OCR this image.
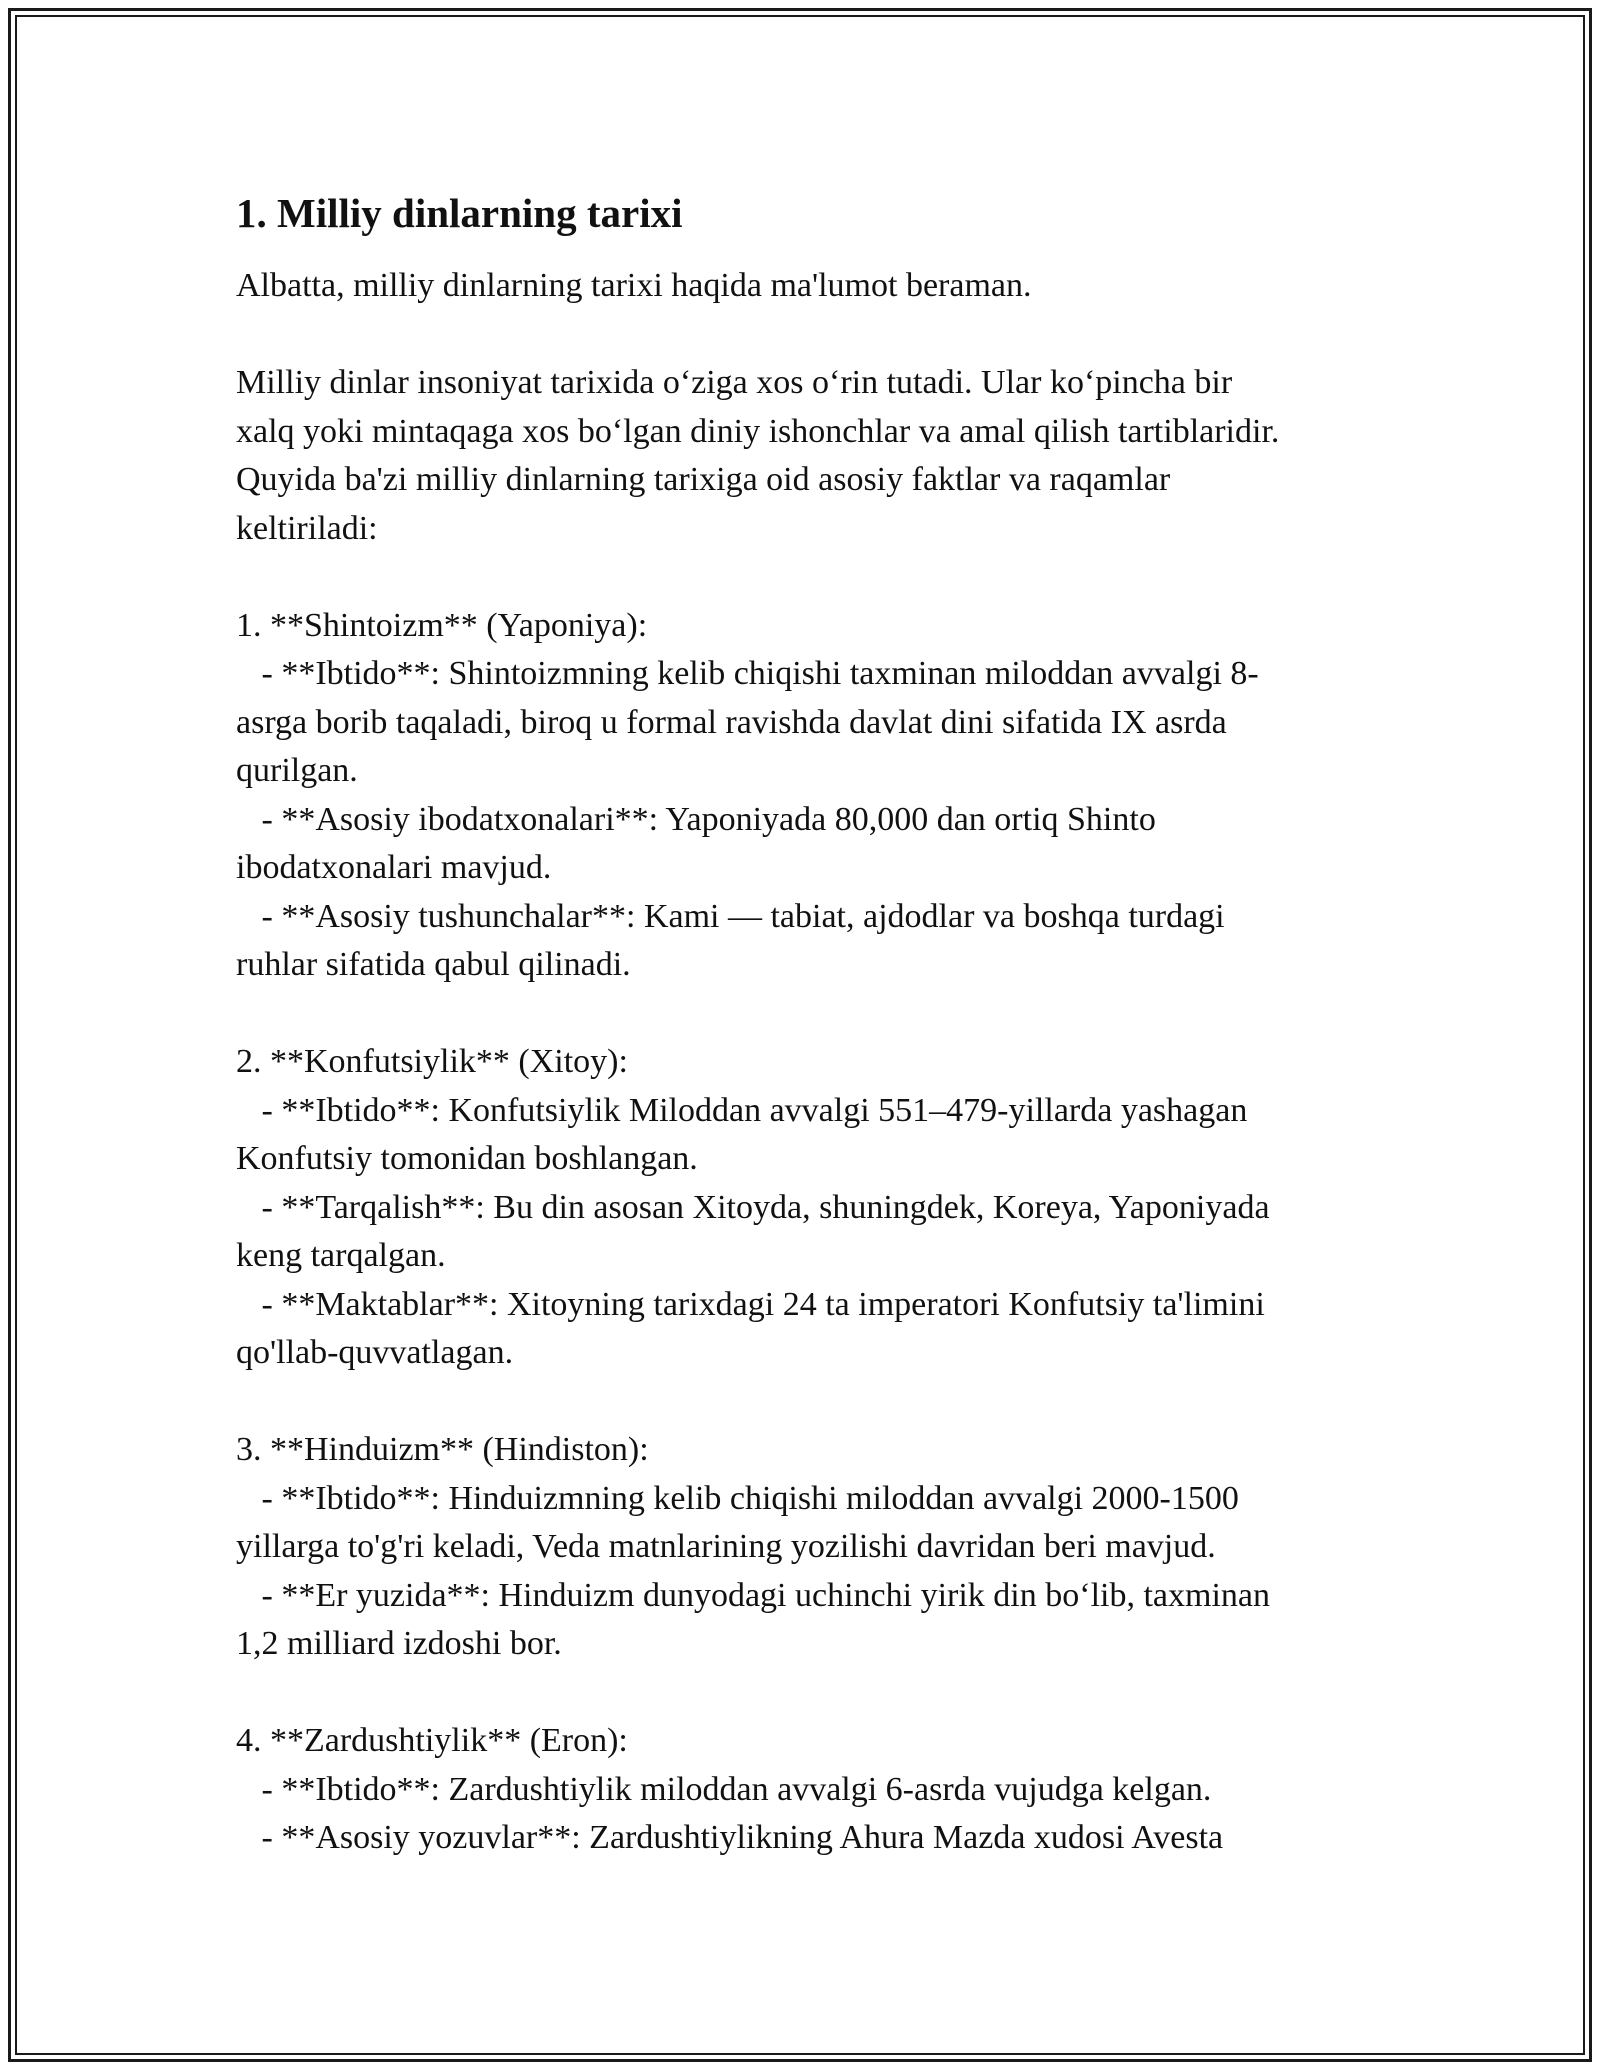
1. Milliy dinlarning tarixi

Albatta, milliy dinlarning tarixi haqida ma'lumot beraman.

Milliy dinlar insoniyat tarixida o‘ziga xos o‘rin tutadi. Ular ko‘pincha bir

xalq yoki mintaqaga xos bo‘lgan diniy ishonchlar va amal qilish tartiblaridir.

Quyida ba'zi milliy dinlarning tarixiga oid asosiy faktlar va raqamlar

keltiriladi:

1. **Shintoizm** (Yaponiya):

- **Ibtido**: Shintoizmning kelib chiqishi taxminan miloddan avvalgi 8-

asrga borib taqaladi, biroq u formal ravishda davlat dini sifatida IX asrda

qurilgan.

- **Asosiy ibodatxonalari**: Yaponiyada 80,000 dan ortiq Shinto

ibodatxonalari mavjud.

- **Asosiy tushunchalar**: Kami — tabiat, ajdodlar va boshqa turdagi

ruhlar sifatida qabul qilinadi.

2. **Konfutsiylik** (Xitoy):

- **Ibtido**: Konfutsiylik Miloddan avvalgi 551–479-yillarda yashagan

Konfutsiy tomonidan boshlangan.

- **Tarqalish**: Bu din asosan Xitoyda, shuningdek, Koreya, Yaponiyada

keng tarqalgan.

- **Maktablar**: Xitoyning tarixdagi 24 ta imperatori Konfutsiy ta'limini

qo'llab-quvvatlagan.

3. **Hinduizm** (Hindiston):

- **Ibtido**: Hinduizmning kelib chiqishi miloddan avvalgi 2000-1500

yillarga to'g'ri keladi, Veda matnlarining yozilishi davridan beri mavjud.

- **Er yuzida**: Hinduizm dunyodagi uchinchi yirik din bo‘lib, taxminan

1,2 milliard izdoshi bor.

4. **Zardushtiylik** (Eron):

- **Ibtido**: Zardushtiylik miloddan avvalgi 6-asrda vujudga kelgan.

- **Asosiy yozuvlar**: Zardushtiylikning Ahura Mazda xudosi Avesta
